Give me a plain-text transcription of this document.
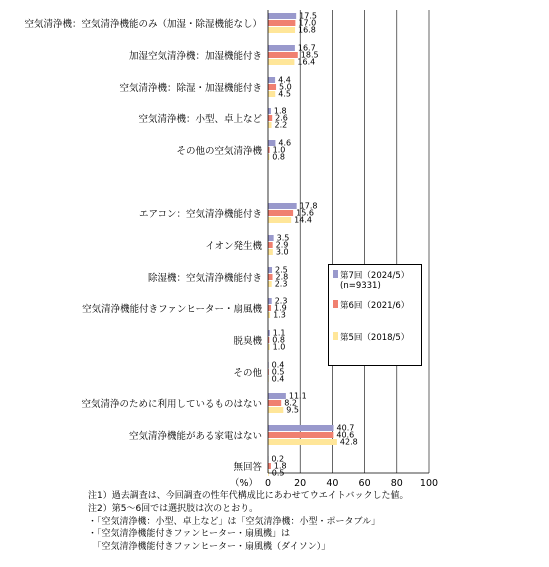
17.5
17.0
16.8
16.7
18.5
16.4
4.4
5.0
4.5
1.8
2.6
2.2
4.6
1.0
0.8
17.8
15.6
14.4
3.5
2.9
3.0
2.5
2.8
2.3
2.3
1.9
1.3
1.1
0.8
1.0
0.4
0.5
0.4
11.1
8.2
9.5
40.7
40.6
42.8
0.2
1.8
0.5
空気清浄機：空気清浄機能のみ（加湿・除湿機能なし）
加湿空気清浄機：加湿機能付き
空気清浄機：除湿・加湿機能付き
空気清浄機：小型、卓上など
その他の空気清浄機
エアコン：空気清浄機能付き
イオン発生機
除湿機：空気清浄機能付き
空気清浄機能付きファンヒーター・扇風機
脱臭機
その他
空気清浄のために利用しているものはない
空気清浄機能がある家電はない
無回答
0 20 40 60 80 100
（%）
第7回（2024/5）
(n=9331)
第6回（2021/6）
第5回（2018/5）
注1）過去調査は、今回調査の性年代構成比にあわせてウエイトバックした値。
注2）第5～6回では選択肢は次のとおり。
・「空気清浄機：小型、卓上など」は「空気清浄機：小型・ポータブル」
・「空気清浄機能付きファンヒーター・扇風機」は
　「空気清浄機能付きファンヒーター・扇風機（ダイソン）」
